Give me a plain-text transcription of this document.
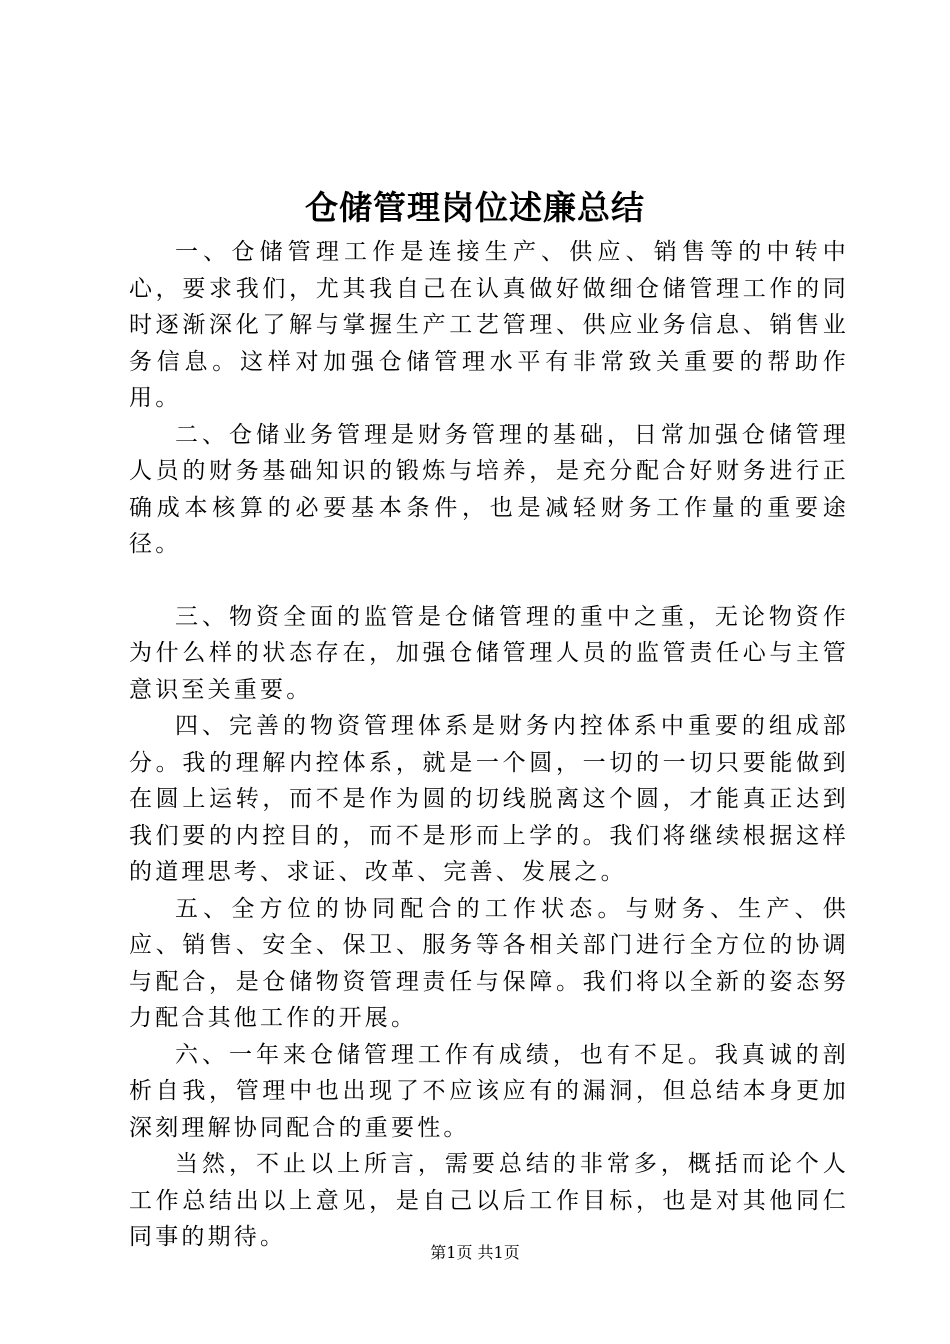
仓储管理岗位述廉总结

一、仓储管理工作是连接生产、供应、销售等的中转中心，要求我们，尤其我自己在认真做好做细仓储管理工作的同时逐渐深化了解与掌握生产工艺管理、供应业务信息、销售业务信息。这样对加强仓储管理水平有非常致关重要的帮助作用。

二、仓储业务管理是财务管理的基础，日常加强仓储管理人员的财务基础知识的锻炼与培养，是充分配合好财务进行正确成本核算的必要基本条件，也是减轻财务工作量的重要途径。

三、物资全面的监管是仓储管理的重中之重，无论物资作为什么样的状态存在，加强仓储管理人员的监管责任心与主管意识至关重要。

四、完善的物资管理体系是财务内控体系中重要的组成部分。我的理解内控体系，就是一个圆，一切的一切只要能做到在圆上运转，而不是作为圆的切线脱离这个圆，才能真正达到我们要的内控目的，而不是形而上学的。我们将继续根据这样的道理思考、求证、改革、完善、发展之。

五、全方位的协同配合的工作状态。与财务、生产、供应、销售、安全、保卫、服务等各相关部门进行全方位的协调与配合，是仓储物资管理责任与保障。我们将以全新的姿态努力配合其他工作的开展。

六、一年来仓储管理工作有成绩，也有不足。我真诚的剖析自我，管理中也出现了不应该应有的漏洞，但总结本身更加深刻理解协同配合的重要性。

当然，不止以上所言，需要总结的非常多，概括而论个人工作总结出以上意见，是自己以后工作目标，也是对其他同仁同事的期待。

第1页 共1页
